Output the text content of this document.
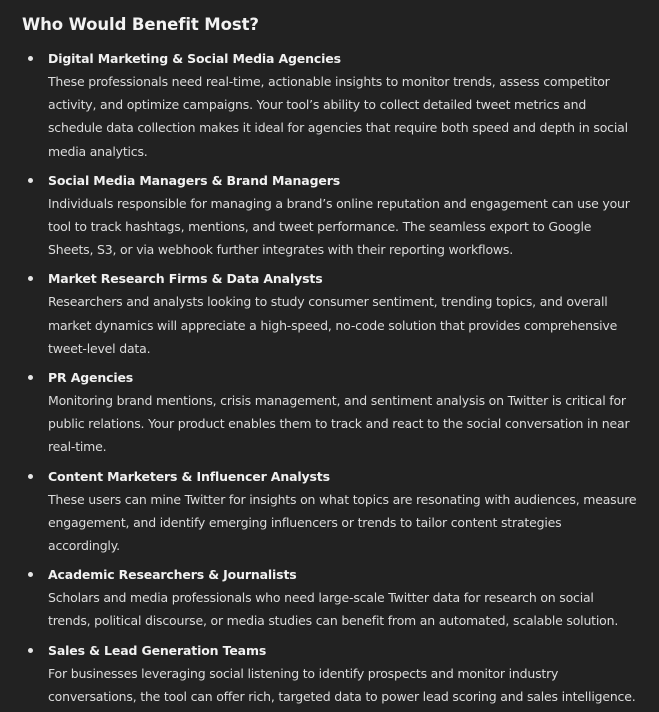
Who Would Benefit Most?
Digital Marketing & Social Media Agencies
These professionals need real-time, actionable insights to monitor trends, assess competitor activity, and optimize campaigns. Your tool’s ability to collect detailed tweet metrics and schedule data collection makes it ideal for agencies that require both speed and depth in social media analytics.
Social Media Managers & Brand Managers
Individuals responsible for managing a brand’s online reputation and engagement can use your tool to track hashtags, mentions, and tweet performance. The seamless export to Google Sheets, S3, or via webhook further integrates with their reporting workflows.
Market Research Firms & Data Analysts
Researchers and analysts looking to study consumer sentiment, trending topics, and overall market dynamics will appreciate a high-speed, no-code solution that provides comprehensive tweet-level data.
PR Agencies
Monitoring brand mentions, crisis management, and sentiment analysis on Twitter is critical for public relations. Your product enables them to track and react to the social conversation in near real-time.
Content Marketers & Influencer Analysts
These users can mine Twitter for insights on what topics are resonating with audiences, measure engagement, and identify emerging influencers or trends to tailor content strategies accordingly.
Academic Researchers & Journalists
Scholars and media professionals who need large-scale Twitter data for research on social trends, political discourse, or media studies can benefit from an automated, scalable solution.
Sales & Lead Generation Teams
For businesses leveraging social listening to identify prospects and monitor industry conversations, the tool can offer rich, targeted data to power lead scoring and sales intelligence.
